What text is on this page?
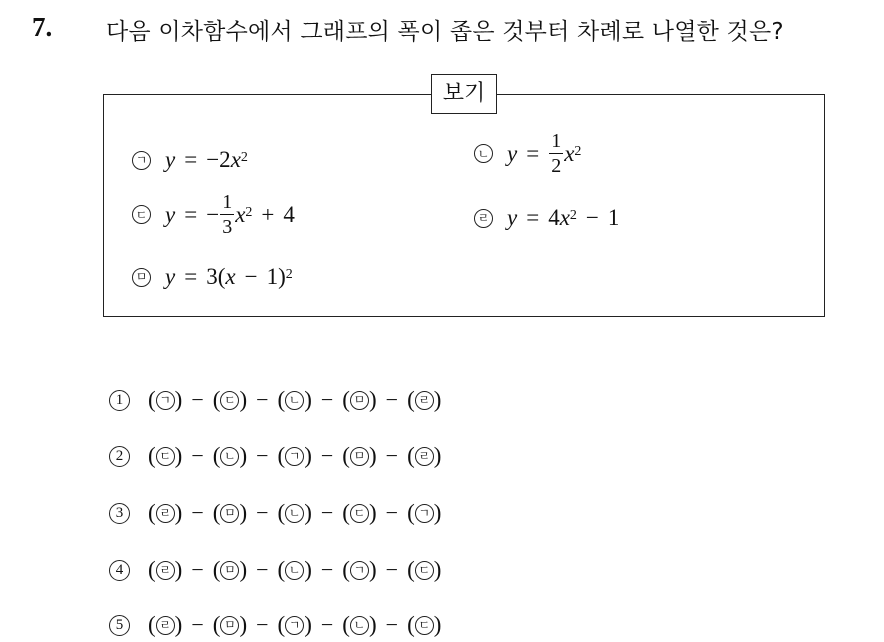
7. 다음 이차함수에서 그래프의 폭이 좁은 것부터 차례로 나열한 것은?
보기
ㄱ y = −2 $x^2$	ㄴ $y = \frac{1}{2} x^2$
ㄷ y = − $\frac{1}{3} x^2 + 4$	ㄹ y = 4 $x^2 - 1$
ㅁ y = 3( x − 1)$^2$
1 ( ㄱ ) − ( ㄷ ) − ( ㄴ ) − ( ㅁ ) − ( ㄹ )
2 ( ㄷ ) − ( ㄴ ) − ( ㄱ ) − ( ㅁ ) − ( ㄹ )
3 ( ㄹ ) − ( ㅁ ) − ( ㄴ ) − ( ㄷ ) − ( ㄱ )
4 ( ㄹ ) − ( ㅁ ) − ( ㄴ ) − ( ㄱ ) − ( ㄷ )
5 ( ㄹ ) − ( ㅁ ) − ( ㄱ ) − ( ㄴ ) − ( ㄷ )
